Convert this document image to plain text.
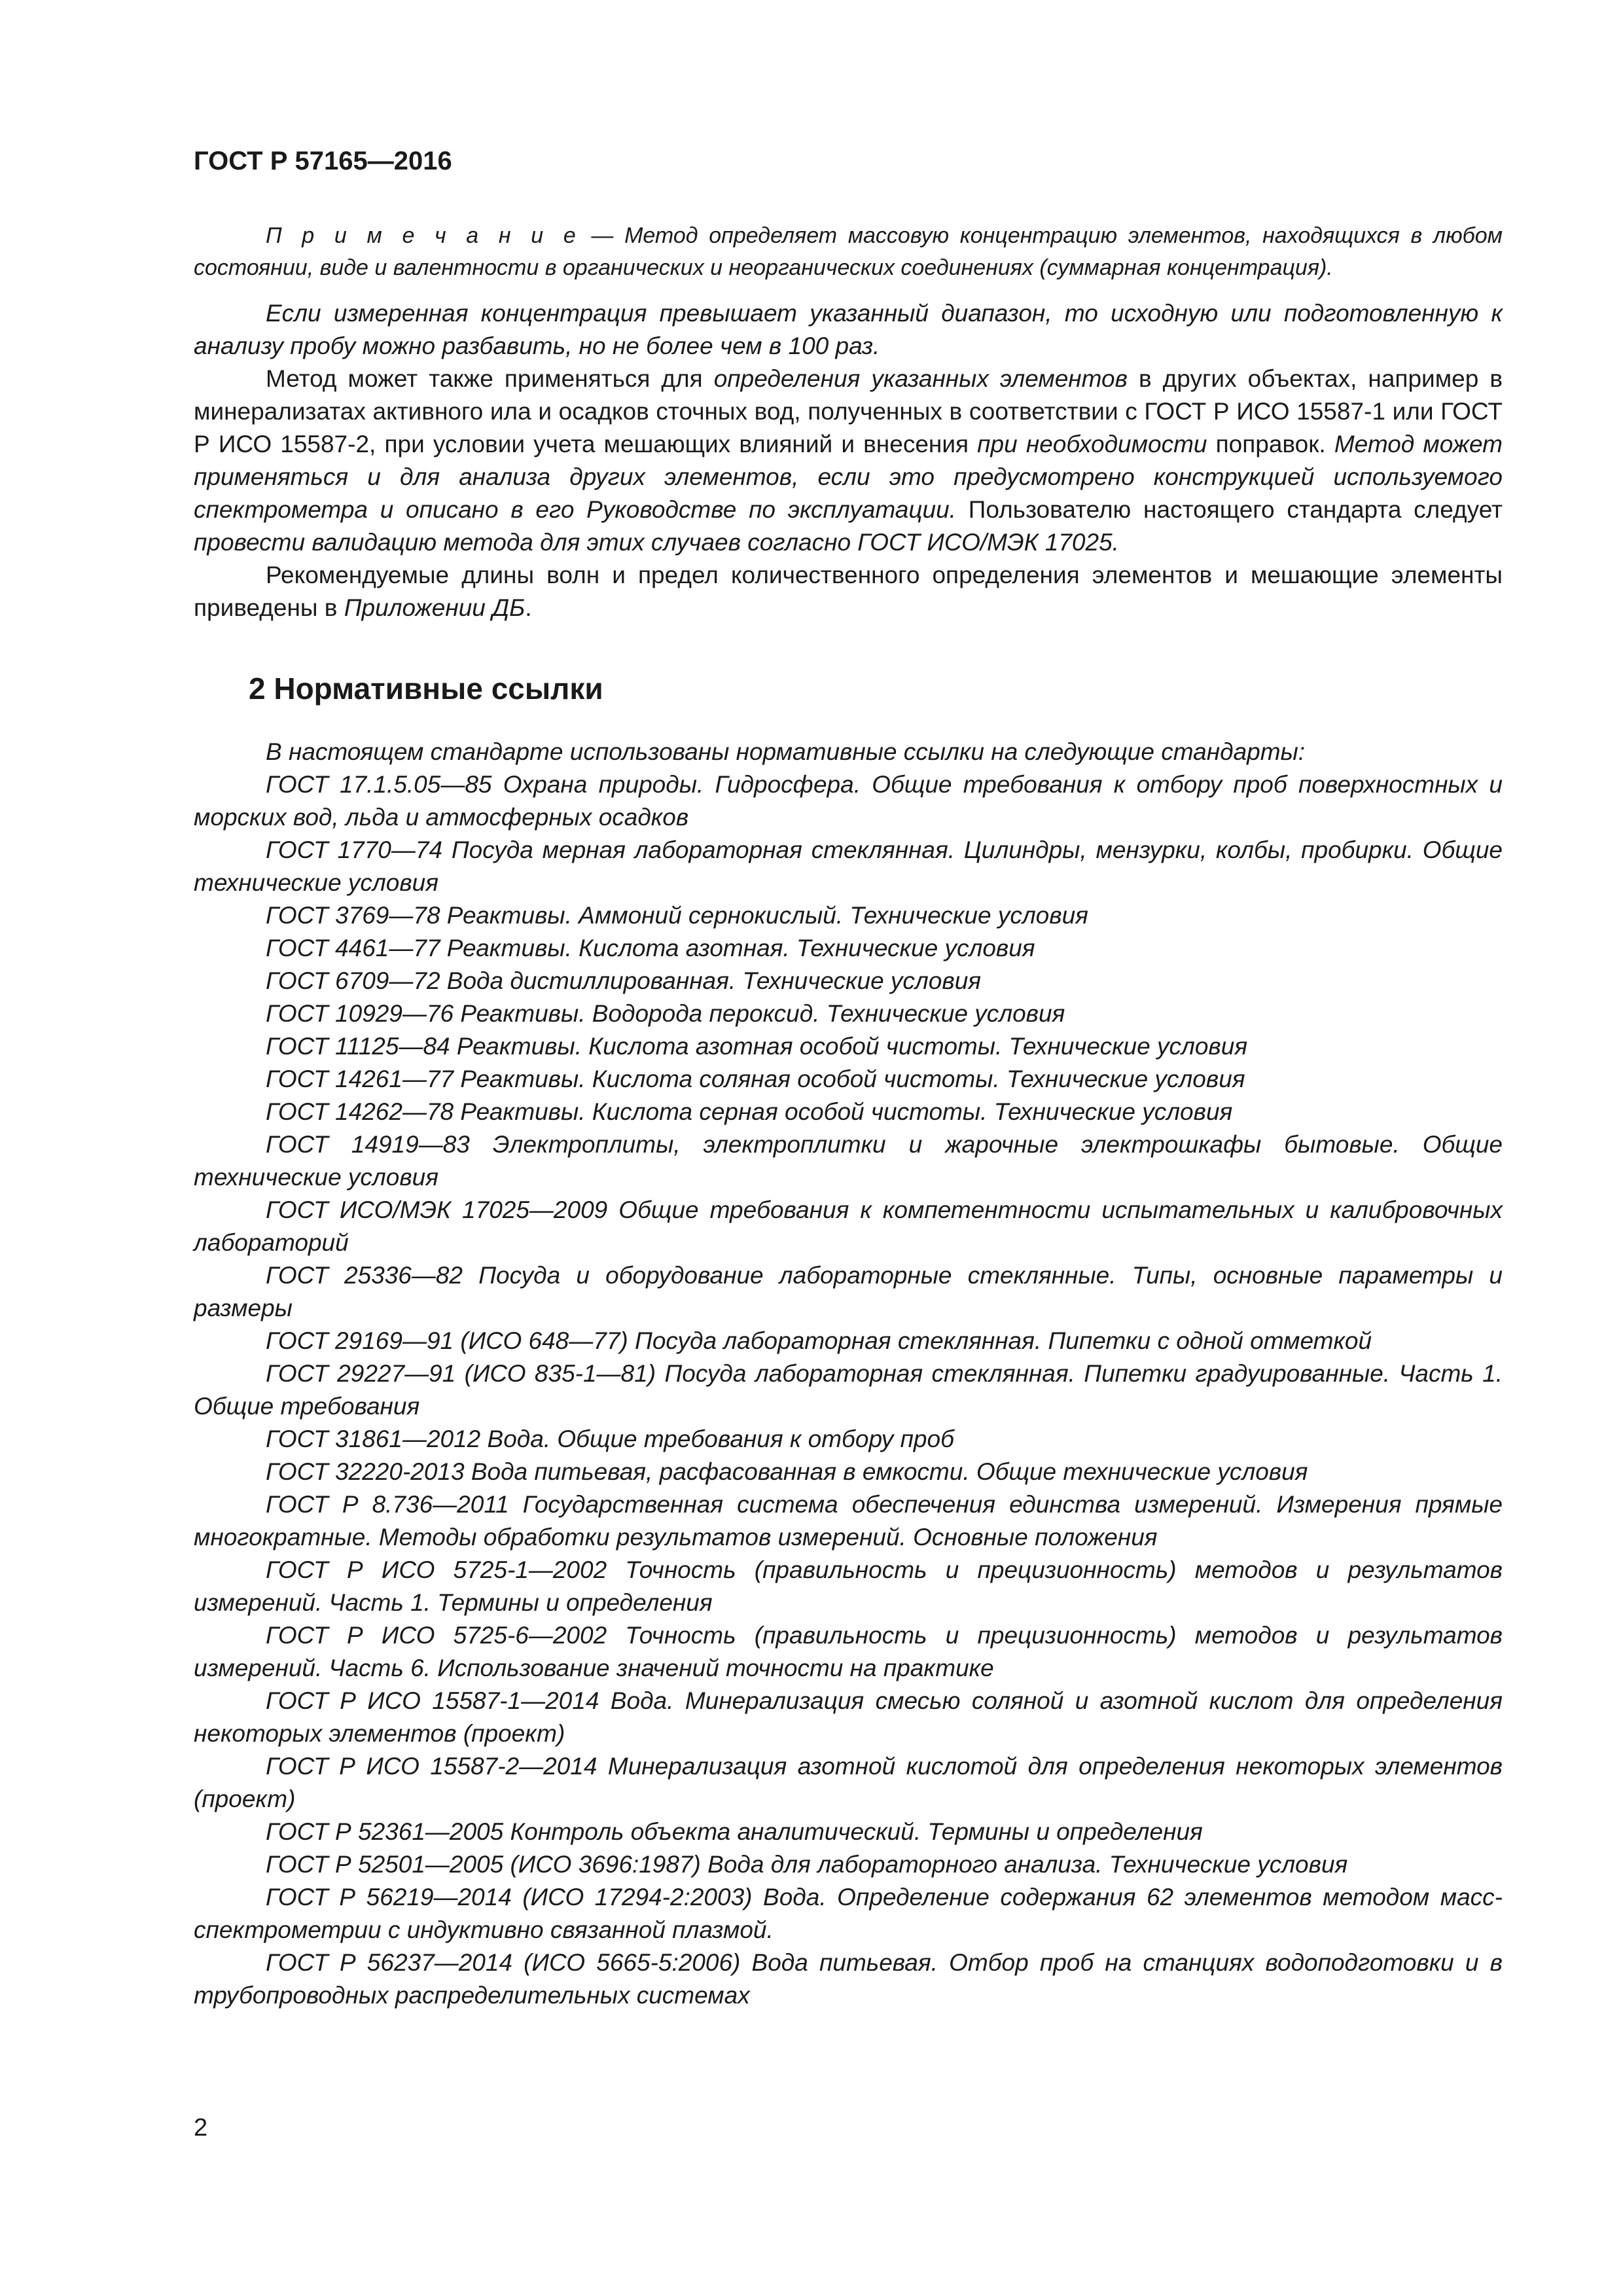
ГОСТ Р 57165—2016

П р и м е ч а н и е — Метод определяет массовую концентрацию элементов, находящихся в любом состоянии, виде и валентности в органических и неорганических соединениях (суммарная концентрация).

Если измеренная концентрация превышает указанный диапазон, то исходную или подготовленную к анализу пробу можно разбавить, но не более чем в 100 раз.

Метод может также применяться для определения указанных элементов в других объектах, например в минерализатах активного ила и осадков сточных вод, полученных в соответствии с ГОСТ Р ИСО 15587-1 или ГОСТ Р ИСО 15587-2, при условии учета мешающих влияний и внесения при необходимости поправок. Метод может применяться и для анализа других элементов, если это предусмотрено конструкцией используемого спектрометра и описано в его Руководстве по эксплуатации. Пользователю настоящего стандарта следует провести валидацию метода для этих случаев согласно ГОСТ ИСО/МЭК 17025.

Рекомендуемые длины волн и предел количественного определения элементов и мешающие элементы приведены в Приложении ДБ.

2 Нормативные ссылки

В настоящем стандарте использованы нормативные ссылки на следующие стандарты:

ГОСТ 17.1.5.05—85 Охрана природы. Гидросфера. Общие требования к отбору проб поверхностных и морских вод, льда и атмосферных осадков

ГОСТ 1770—74 Посуда мерная лабораторная стеклянная. Цилиндры, мензурки, колбы, пробирки. Общие технические условия

ГОСТ 3769—78 Реактивы. Аммоний сернокислый. Технические условия

ГОСТ 4461—77 Реактивы. Кислота азотная. Технические условия

ГОСТ 6709—72 Вода дистиллированная. Технические условия

ГОСТ 10929—76 Реактивы. Водорода пероксид. Технические условия

ГОСТ 11125—84 Реактивы. Кислота азотная особой чистоты. Технические условия

ГОСТ 14261—77 Реактивы. Кислота соляная особой чистоты. Технические условия

ГОСТ 14262—78 Реактивы. Кислота серная особой чистоты. Технические условия

ГОСТ 14919—83 Электроплиты, электроплитки и жарочные электрошкафы бытовые. Общие технические условия

ГОСТ ИСО/МЭК 17025—2009 Общие требования к компетентности испытательных и калибровочных лабораторий

ГОСТ 25336—82 Посуда и оборудование лабораторные стеклянные. Типы, основные параметры и размеры

ГОСТ 29169—91 (ИСО 648—77) Посуда лабораторная стеклянная. Пипетки с одной отметкой

ГОСТ 29227—91 (ИСО 835-1—81) Посуда лабораторная стеклянная. Пипетки градуированные. Часть 1. Общие требования

ГОСТ 31861—2012 Вода. Общие требования к отбору проб

ГОСТ 32220-2013 Вода питьевая, расфасованная в емкости. Общие технические условия

ГОСТ Р 8.736—2011 Государственная система обеспечения единства измерений. Измерения прямые многократные. Методы обработки результатов измерений. Основные положения

ГОСТ Р ИСО 5725-1—2002 Точность (правильность и прецизионность) методов и результатов измерений. Часть 1. Термины и определения

ГОСТ Р ИСО 5725-6—2002 Точность (правильность и прецизионность) методов и результатов измерений. Часть 6. Использование значений точности на практике

ГОСТ Р ИСО 15587-1—2014 Вода. Минерализация смесью соляной и азотной кислот для определения некоторых элементов (проект)

ГОСТ Р ИСО 15587-2—2014 Минерализация азотной кислотой для определения некоторых элементов (проект)

ГОСТ Р 52361—2005 Контроль объекта аналитический. Термины и определения

ГОСТ Р 52501—2005 (ИСО 3696:1987) Вода для лабораторного анализа. Технические условия

ГОСТ Р 56219—2014 (ИСО 17294-2:2003) Вода. Определение содержания 62 элементов методом масс-спектрометрии с индуктивно связанной плазмой.

ГОСТ Р 56237—2014 (ИСО 5665-5:2006) Вода питьевая. Отбор проб на станциях водоподготовки и в трубопроводных распределительных системах

2
